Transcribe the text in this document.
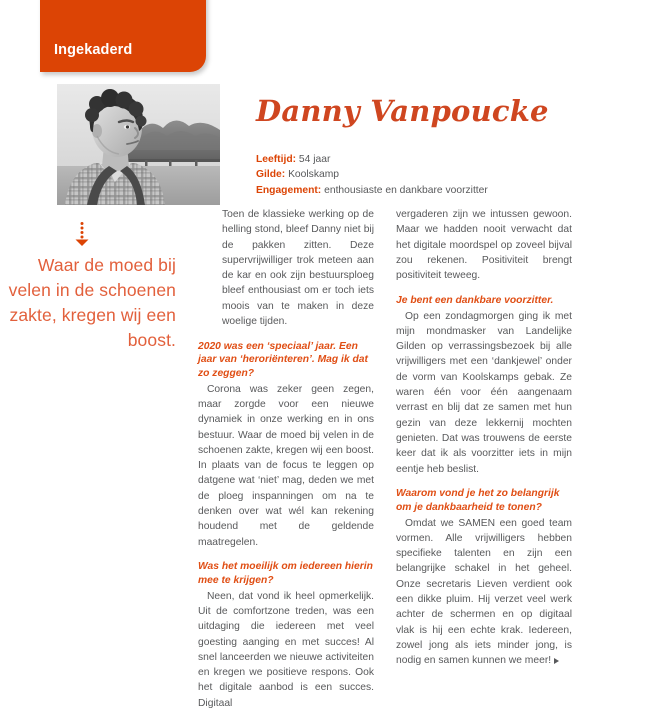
Ingekaderd
Danny Vanpoucke
Leeftijd: 54 jaar
Gilde: Koolskamp
Engagement: enthousiaste en dankbare voorzitter
Waar de moed bij velen in de schoenen zakte, kregen wij een boost.

Toen de klassieke werking op de helling stond, bleef Danny niet bij de pakken zitten. Deze supervrijwilliger trok meteen aan de kar en ook zijn bestuursploeg bleef enthousiast om er toch iets moois van te maken in deze woelige tijden.

2020 was een ‘speciaal’ jaar. Een jaar van ‘heroriënteren’. Mag ik dat zo zeggen?

Corona was zeker geen zegen, maar zorgde voor een nieuwe dynamiek in onze werking en in ons bestuur. Waar de moed bij velen in de schoenen zakte, kregen wij een boost. In plaats van de focus te leggen op datgene wat ‘niet’ mag, deden we met de ploeg inspanningen om na te denken over wat wél kan rekening houdend met de geldende maatregelen.

Was het moeilijk om iedereen hierin mee te krijgen?

Neen, dat vond ik heel opmerkelijk. Uit de comfortzone treden, was een uitdaging die iedereen met veel goesting aanging en met succes! Al snel lanceerden we nieuwe activiteiten en kregen we positieve respons. Ook het digitale aanbod is een succes. Digitaal

vergaderen zijn we intussen gewoon. Maar we hadden nooit verwacht dat het digitale moordspel op zoveel bijval zou rekenen. Positiviteit brengt positiviteit teweeg.

Je bent een dankbare voorzitter.

Op een zondagmorgen ging ik met mijn mondmasker van Landelijke Gilden op verrassingsbezoek bij alle vrijwilligers met een ‘dankjewel’ onder de vorm van Koolskamps gebak. Ze waren één voor één aangenaam verrast en blij dat ze samen met hun gezin van deze lekkernij mochten genieten. Dat was trouwens de eerste keer dat ik als voorzitter iets in mijn eentje heb beslist.

Waarom vond je het zo belangrijk om je dankbaarheid te tonen?

Omdat we SAMEN een goed team vormen. Alle vrijwilligers hebben specifieke talenten en zijn een belangrijke schakel in het geheel. Onze secretaris Lieven verdient ook een dikke pluim. Hij verzet veel werk achter de schermen en op digitaal vlak is hij een echte krak. Iedereen, zowel jong als iets minder jong, is nodig en samen kunnen we meer!
